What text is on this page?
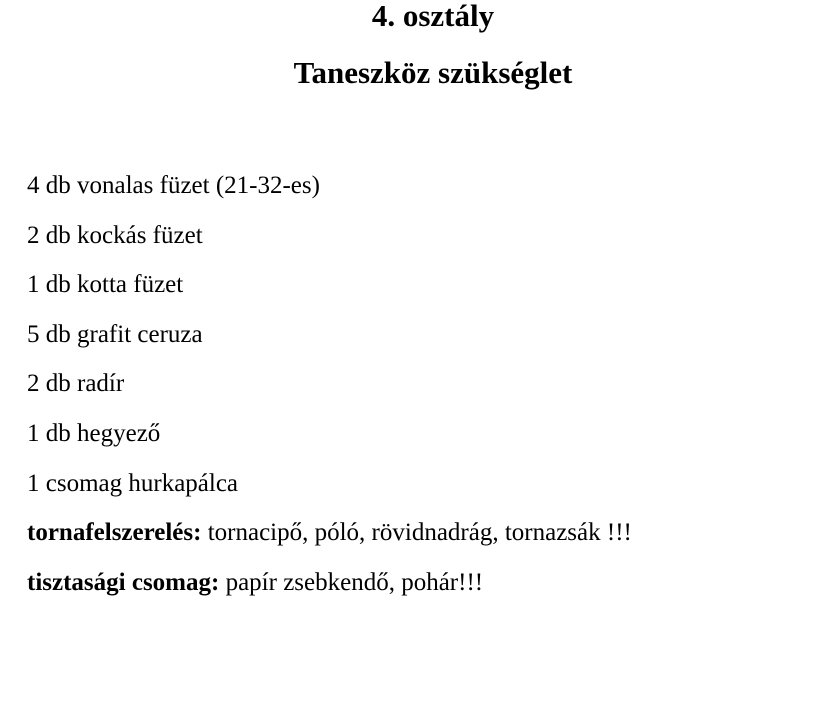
4. osztály
Taneszköz szükséglet
4 db vonalas füzet (21-32-es)
2 db kockás füzet
1 db kotta füzet
5 db grafit ceruza
2 db radír
1 db hegyező
1 csomag hurkapálca
tornafelszerelés: tornacipő, póló, rövidnadrág, tornazsák !!!
tisztasági csomag: papír zsebkendő, pohár!!!
